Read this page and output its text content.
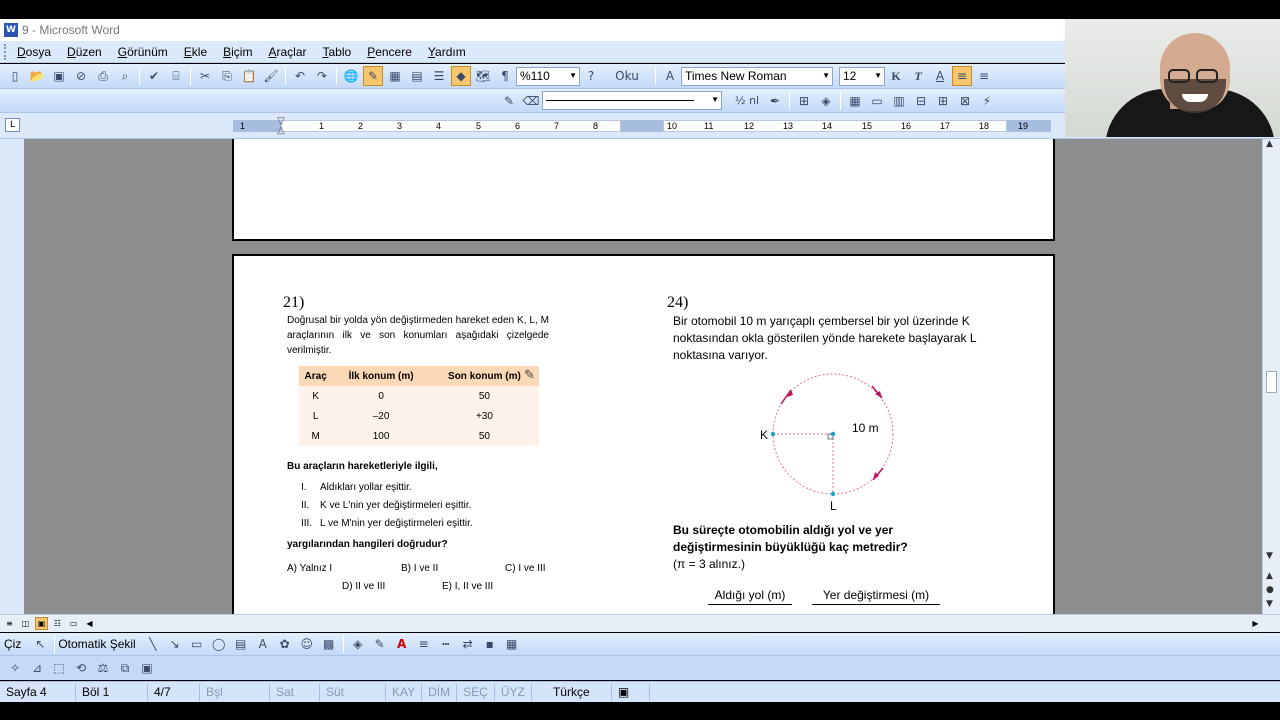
W 9 - Microsoft Word
Dosya Düzen Görünüm Ekle Biçim Araçlar Tablo Pencere Yardım
▯ 📂 ▣ ⊘	⎙	⌕	✔	⌸	✂	⎘ 📋 🖌	↶ ↷	🌐 ✎ ▦ ▤ ☰	◆ 🗺 ¶ %110 ▼ ?	Oku	A Times New Roman	▼ 12 ▼ K	T	A	≡ ≡
✎ ⌫	▼	½ nl ✒	⊞	◈	▦ ▭ ▥ ⊟ ⊞ ⊠	⚡
L	▽
△
1	1	2	3	4	5	6	7	8	10	11	12	13	14	15	16	17	18	19
21)
Doğrusal bir yolda yön değiştirmeden hareket eden K, L, M araçlarının ilk ve son konumları aşağıdaki çizelgede verilmiştir.
Araç	İlk konum (m)	Son konum (m)
K	0	50
L	–20	+30
M	100	50
✎
Bu araçların hareketleriyle ilgili,
I. Aldıkları yollar eşittir.
II. K ve L'nin yer değiştirmeleri eşittir.
III. L ve M'nin yer değiştirmeleri eşittir.
yargılarından hangileri doğrudur?
A) Yalnız I	B) I ve II	C) I ve III
D) II ve III	E) I, II ve III
24)
Bir otomobil 10 m yarıçaplı çembersel bir yol üzerinde K noktasından okla gösterilen yönde harekete başlayarak L noktasına varıyor.
K	10 m
L
Bu süreçte otomobilin aldığı yol ve yer değiştirmesinin büyüklüğü kaç metredir?
(π = 3 alınız.)
Aldığı yol (m)	Yer değiştirmesi (m)
▲
▼
▲
●
▼
≡	◫	▣	☷	▭	◀	▶
Çiz	↖	Otomatik Şekil	╲	↘ ▭ ◯ ▤	A	✿ ☺ ▩	◈	✎	A	≡	┅	⇄	▪	▦
✧ ⊿ ⬚ ⟲ ⚖	⧉	▣
Sayfa 4	Böl 1	4/7	Bşl	Sat	Süt	KAY	DİM	SEÇ	ÜYZ	Türkçe	▣
